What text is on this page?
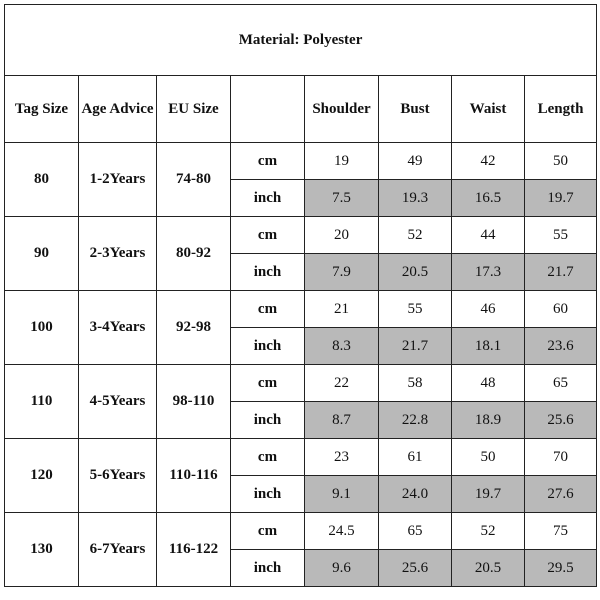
Material: Polyester							
Tag Size	Age Advice	EU Size		Shoulder	Bust	Waist	Length
80	1-2Years	74-80	cm	19	49	42	50
			inch	7.5	19.3	16.5	19.7
90	2-3Years	80-92	cm	20	52	44	55
			inch	7.9	20.5	17.3	21.7
100	3-4Years	92-98	cm	21	55	46	60
			inch	8.3	21.7	18.1	23.6
110	4-5Years	98-110	cm	22	58	48	65
			inch	8.7	22.8	18.9	25.6
120	5-6Years	110-116	cm	23	61	50	70
			inch	9.1	24.0	19.7	27.6
130	6-7Years	116-122	cm	24.5	65	52	75
			inch	9.6	25.6	20.5	29.5
